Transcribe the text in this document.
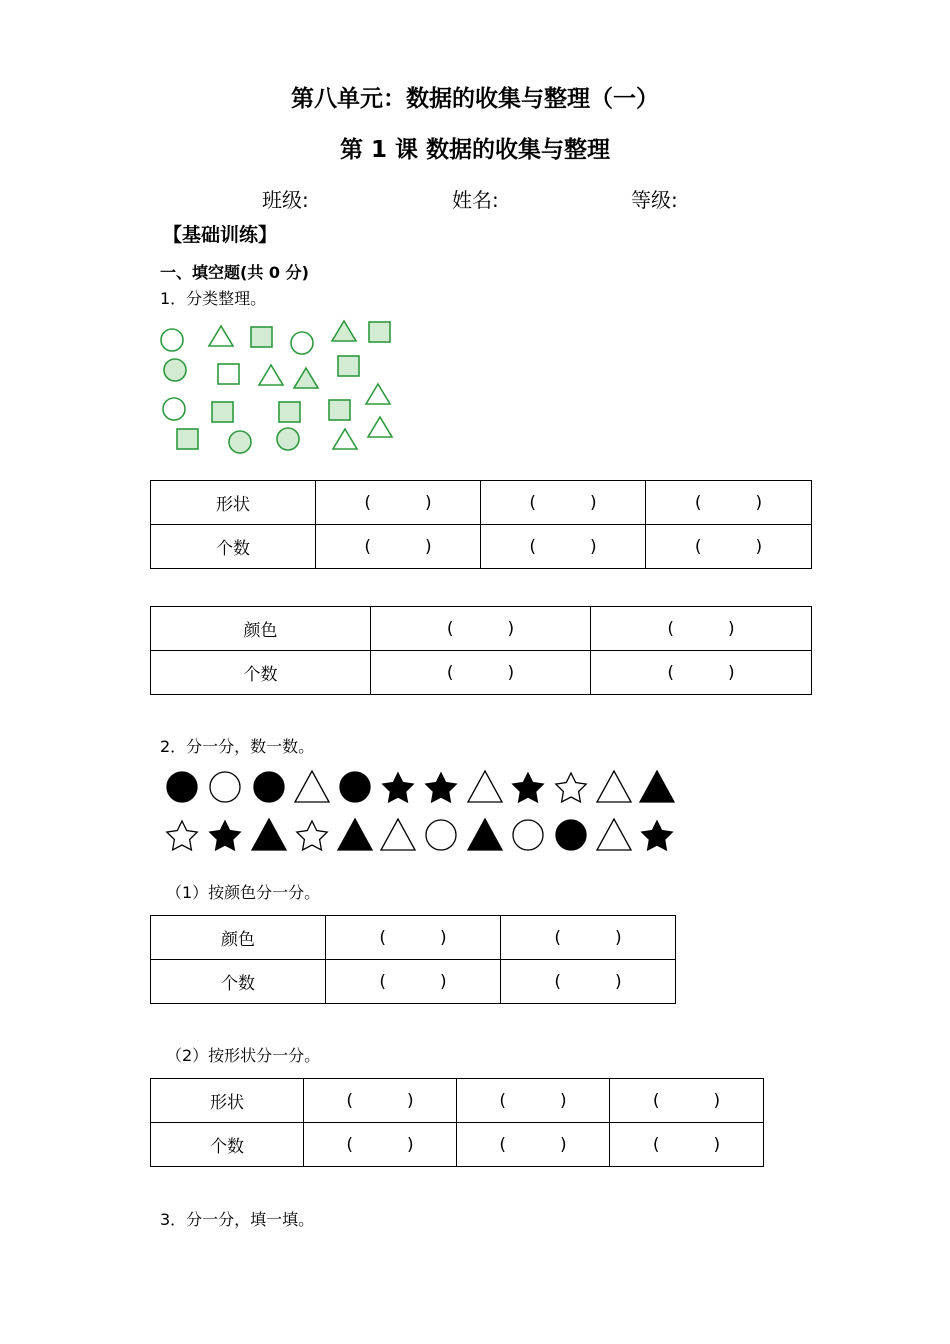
第八单元：数据的收集与整理（一）
第 1 课 数据的收集与整理
班级:	姓名:	等级:
【基础训练】
一、填空题(共 0 分)
1．分类整理。
形状	(          )	(          )	(          )
个数	(          )	(          )	(          )
颜色	(          )	(          )
个数	(          )	(          )
2．分一分，数一数。
（1）按颜色分一分。
颜色	(          )	(          )
个数	(          )	(          )
（2）按形状分一分。
形状	(          )	(          )	(          )
个数	(          )	(          )	(          )
3．分一分，填一填。
